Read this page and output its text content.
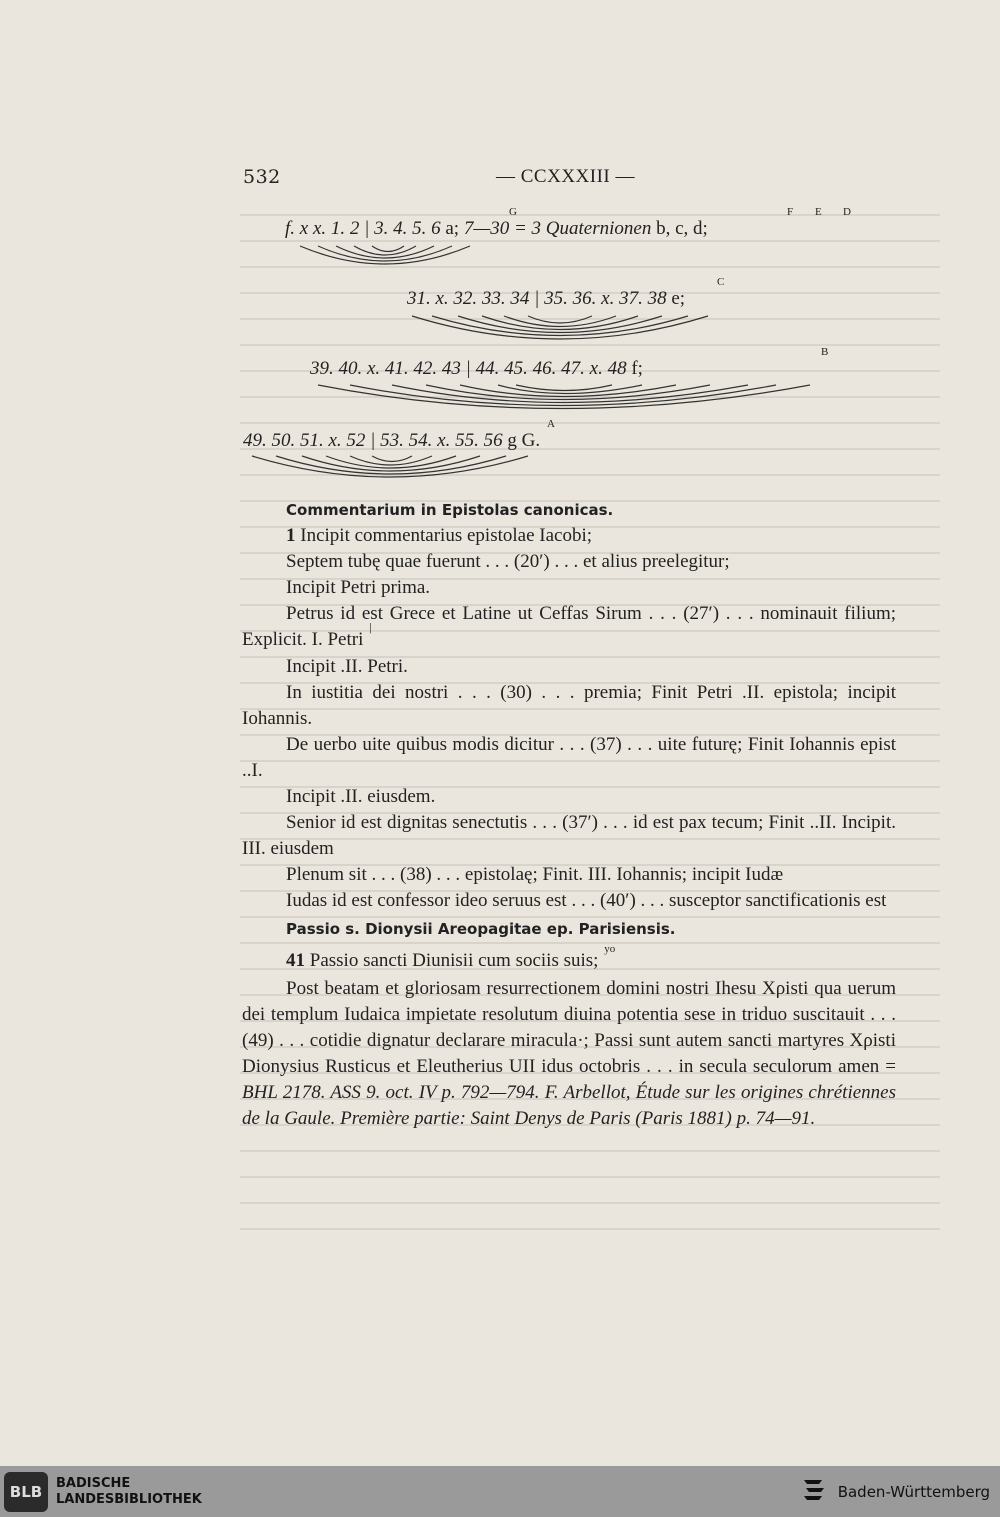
532	— CCXXXIII —
G	F E D
f. x x. 1. 2 | 3. 4. 5. 6 a; 7—30 = 3 Quaternionen b, c, d;
C
31. x. 32. 33. 34 | 35. 36. x. 37. 38 e;
B
39. 40. x. 41. 42. 43 | 44. 45. 46. 47. x. 48 f;
A
49. 50. 51. x. 52 | 53. 54. x. 55. 56 g G.
Commentarium in Epistolas canonicas.

1 Incipit commentarius epistolae Iacobi;

Septem tubę quae fuerunt . . . (20′) . . . et alius preelegitur;

Incipit Petri prima.

Petrus id est Grece et Latine ut Ceffas Sirum . . . (27′) . . . nominauit filium; Explicit. I. Petri |

Incipit .II. Petri.

In iustitia dei nostri . . . (30) . . . premia; Finit Petri .II. epistola; incipit Iohannis.

De uerbo uite quibus modis dicitur . . . (37) . . . uite futurę; Finit Iohannis epist ..I.

Incipit .II. eiusdem.

Senior id est dignitas senectutis . . . (37′) . . . id est pax tecum; Finit ..II. Incipit. III. eiusdem

Plenum sit . . . (38) . . . epistolaę; Finit. III. Iohannis; incipit Iudæ

Iudas id est confessor ideo seruus est . . . (40′) . . . susceptor sanctificationis est

Passio s. Dionysii Areopagitae ep. Parisiensis.

41 Passio sancti Diunisii cum sociis suis; $^{yo}$

Post beatam et gloriosam resurrectionem domini nostri Ihesu Xρisti qua uerum dei templum Iudaica impietate resolutum diuina potentia sese in triduo suscitauit . . . (49) . . . cotidie dignatur declarare miracula·; Passi sunt autem sancti martyres Xρisti Dionysius Rusticus et Eleutherius UII idus octobris . . . in secula seculorum amen = BHL 2178. ASS 9. oct. IV p. 792—794. F. Arbellot, Étude sur les origines chrétiennes de la Gaule. Première partie: Saint Denys de Paris (Paris 1881) p. 74—91.

BLB	BADISCHE
LANDESBIBLIOTHEK	Baden-Württemberg
